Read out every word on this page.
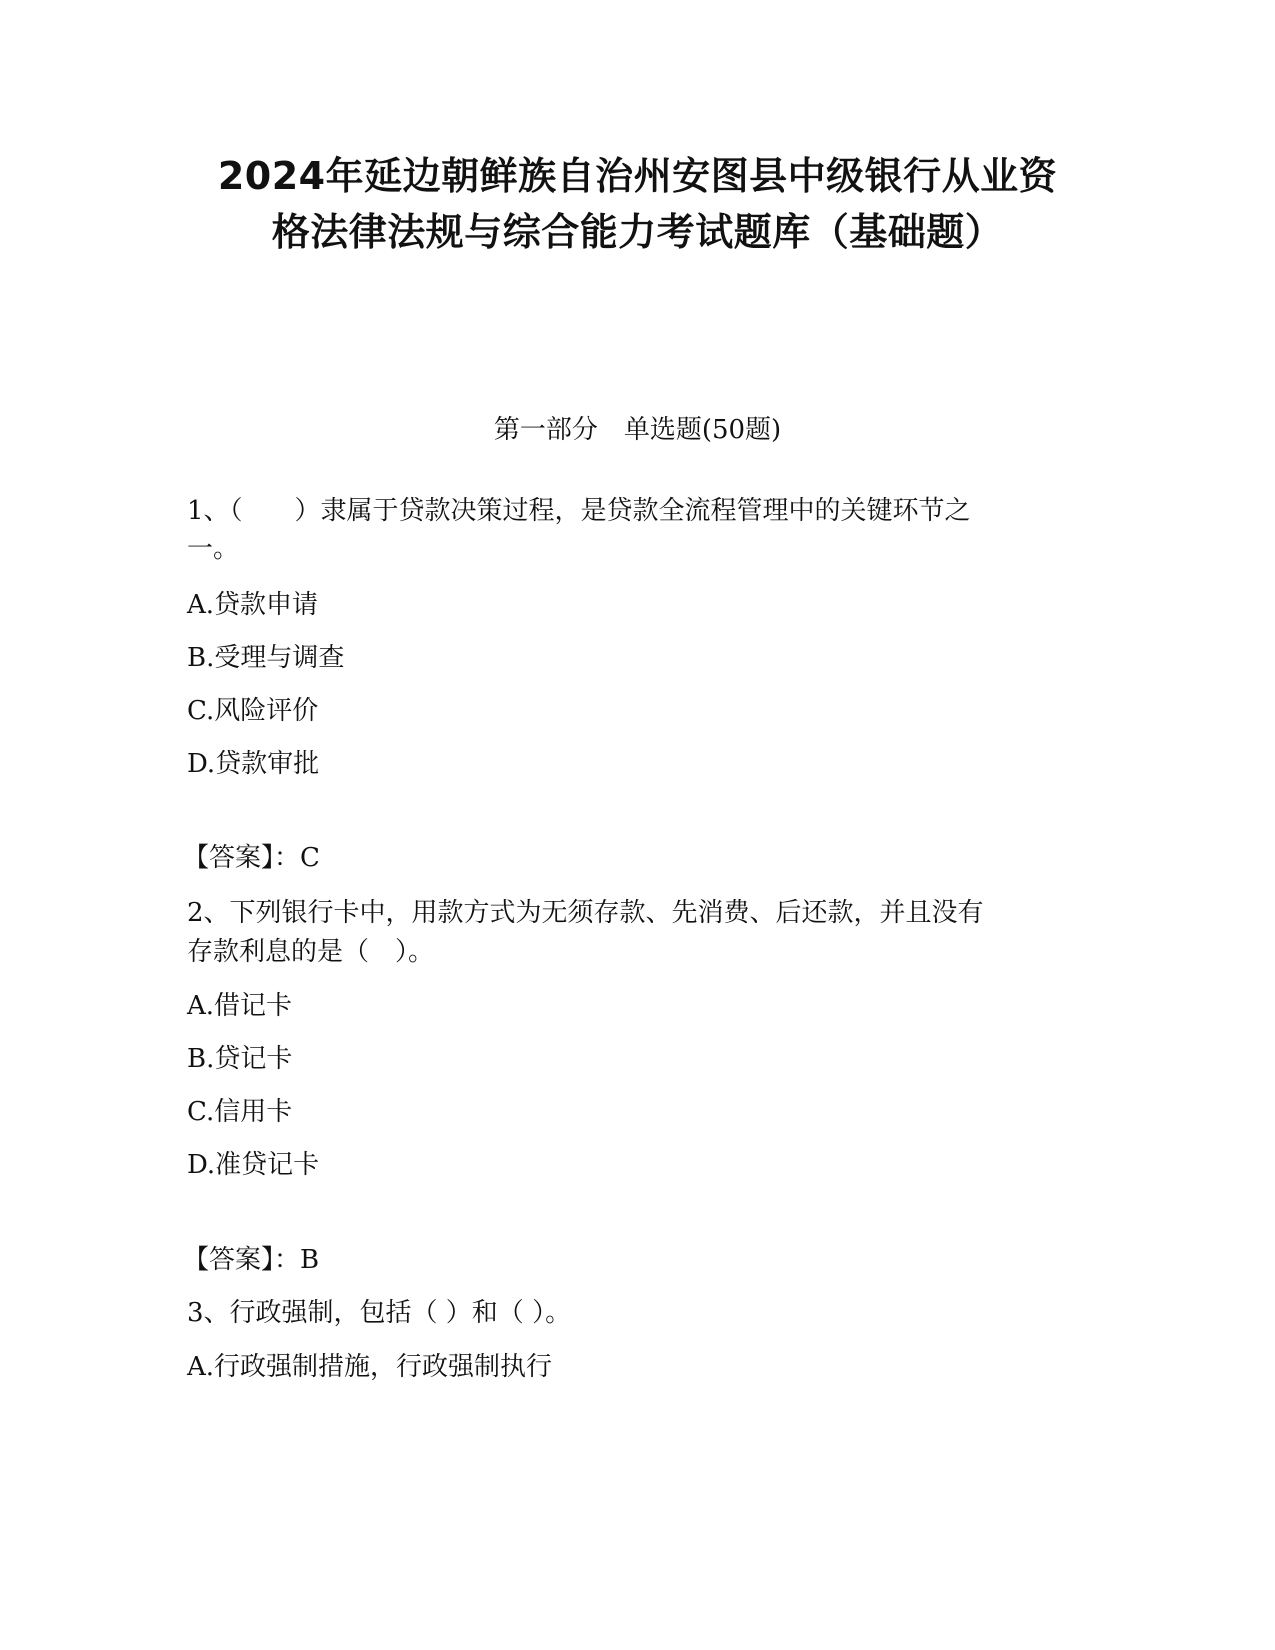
2024年延边朝鲜族自治州安图县中级银行从业资
格法律法规与综合能力考试题库（基础题）
第一部分　单选题(50题)
1、（　　）隶属于贷款决策过程，是贷款全流程管理中的关键环节之
一。
A.贷款申请
B.受理与调查
C.风险评价
D.贷款审批
【答案】：C
2、下列银行卡中，用款方式为无须存款、先消费、后还款，并且没有
存款利息的是（　）。
A.借记卡
B.贷记卡
C.信用卡
D.准贷记卡
【答案】：B
3、行政强制，包括（ ）和（ ）。
A.行政强制措施，行政强制执行
